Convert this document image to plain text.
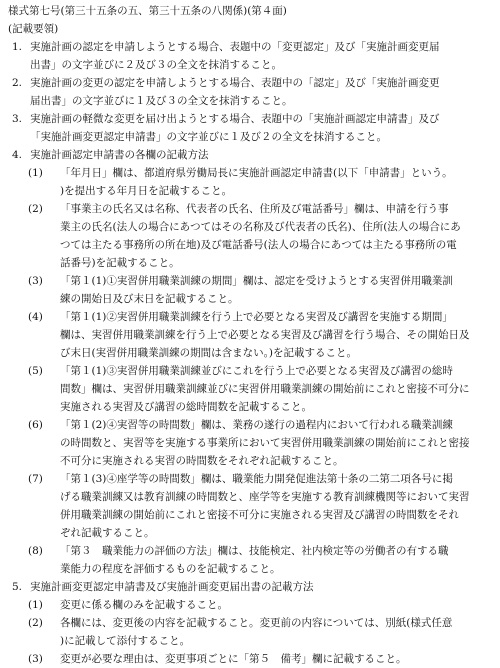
様式第七号(第三十五条の五、第三十五条の八関係)(第４面)
(記載要領)
1. 実施計画の認定を申請しようとする場合、表題中の「変更認定」及び「実施計画変更届
出書」の文字並びに２及び３の全文を抹消すること。
2. 実施計画の変更の認定を申請しようとする場合、表題中の「認定」及び「実施計画変更
届出書」の文字並びに１及び３の全文を抹消すること。
3. 実施計画の軽微な変更を届け出ようとする場合、表題中の「実施計画認定申請書」及び
「実施計画変更認定申請書」の文字並びに１及び２の全文を抹消すること。
4. 実施計画認定申請書の各欄の記載方法
(1) 「年月日」欄は、都道府県労働局長に実施計画認定申請書(以下「申請書」という。
)を提出する年月日を記載すること。
(2) 「事業主の氏名又は名称、代表者の氏名、住所及び電話番号」欄は、申請を行う事
業主の氏名(法人の場合にあつてはその名称及び代表者の氏名)、住所(法人の場合にあ
つては主たる事務所の所在地)及び電話番号(法人の場合にあつては主たる事務所の電
話番号)を記載すること。
(3) 「第１(1)①実習併用職業訓練の期間」欄は、認定を受けようとする実習併用職業訓
練の開始日及び末日を記載すること。
(4) 「第１(1)②実習併用職業訓練を行う上で必要となる実習及び講習を実施する期間」
欄は、実習併用職業訓練を行う上で必要となる実習及び講習を行う場合、その開始日及
び末日(実習併用職業訓練の期間は含まない。)を記載すること。
(5) 「第１(1)③実習併用職業訓練並びにこれを行う上で必要となる実習及び講習の総時
間数」欄は、実習併用職業訓練並びに実習併用職業訓練の開始前にこれと密接不可分に
実施される実習及び講習の総時間数を記載すること。
(6) 「第１(2)④実習等の時間数」欄は、業務の遂行の過程内において行われる職業訓練
の時間数と、実習等を実施する事業所において実習併用職業訓練の開始前にこれと密接
不可分に実施される実習の時間数をそれぞれ記載すること。
(7) 「第１(3)④座学等の時間数」欄は、職業能力開発促進法第十条の二第二項各号に掲
げる職業訓練又は教育訓練の時間数と、座学等を実施する教育訓練機関等において実習
併用職業訓練の開始前にこれと密接不可分に実施される実習及び講習の時間数をそれ
ぞれ記載すること。
(8) 「第３　職業能力の評価の方法」欄は、技能検定、社内検定等の労働者の有する職
業能力の程度を評価するものを記載すること。
5. 実施計画変更認定申請書及び実施計画変更届出書の記載方法
(1) 変更に係る欄のみを記載すること。
(2) 各欄には、変更後の内容を記載すること。変更前の内容については、別紙(様式任意
)に記載して添付すること。
(3) 変更が必要な理由は、変更事項ごとに「第５　備考」欄に記載すること。
